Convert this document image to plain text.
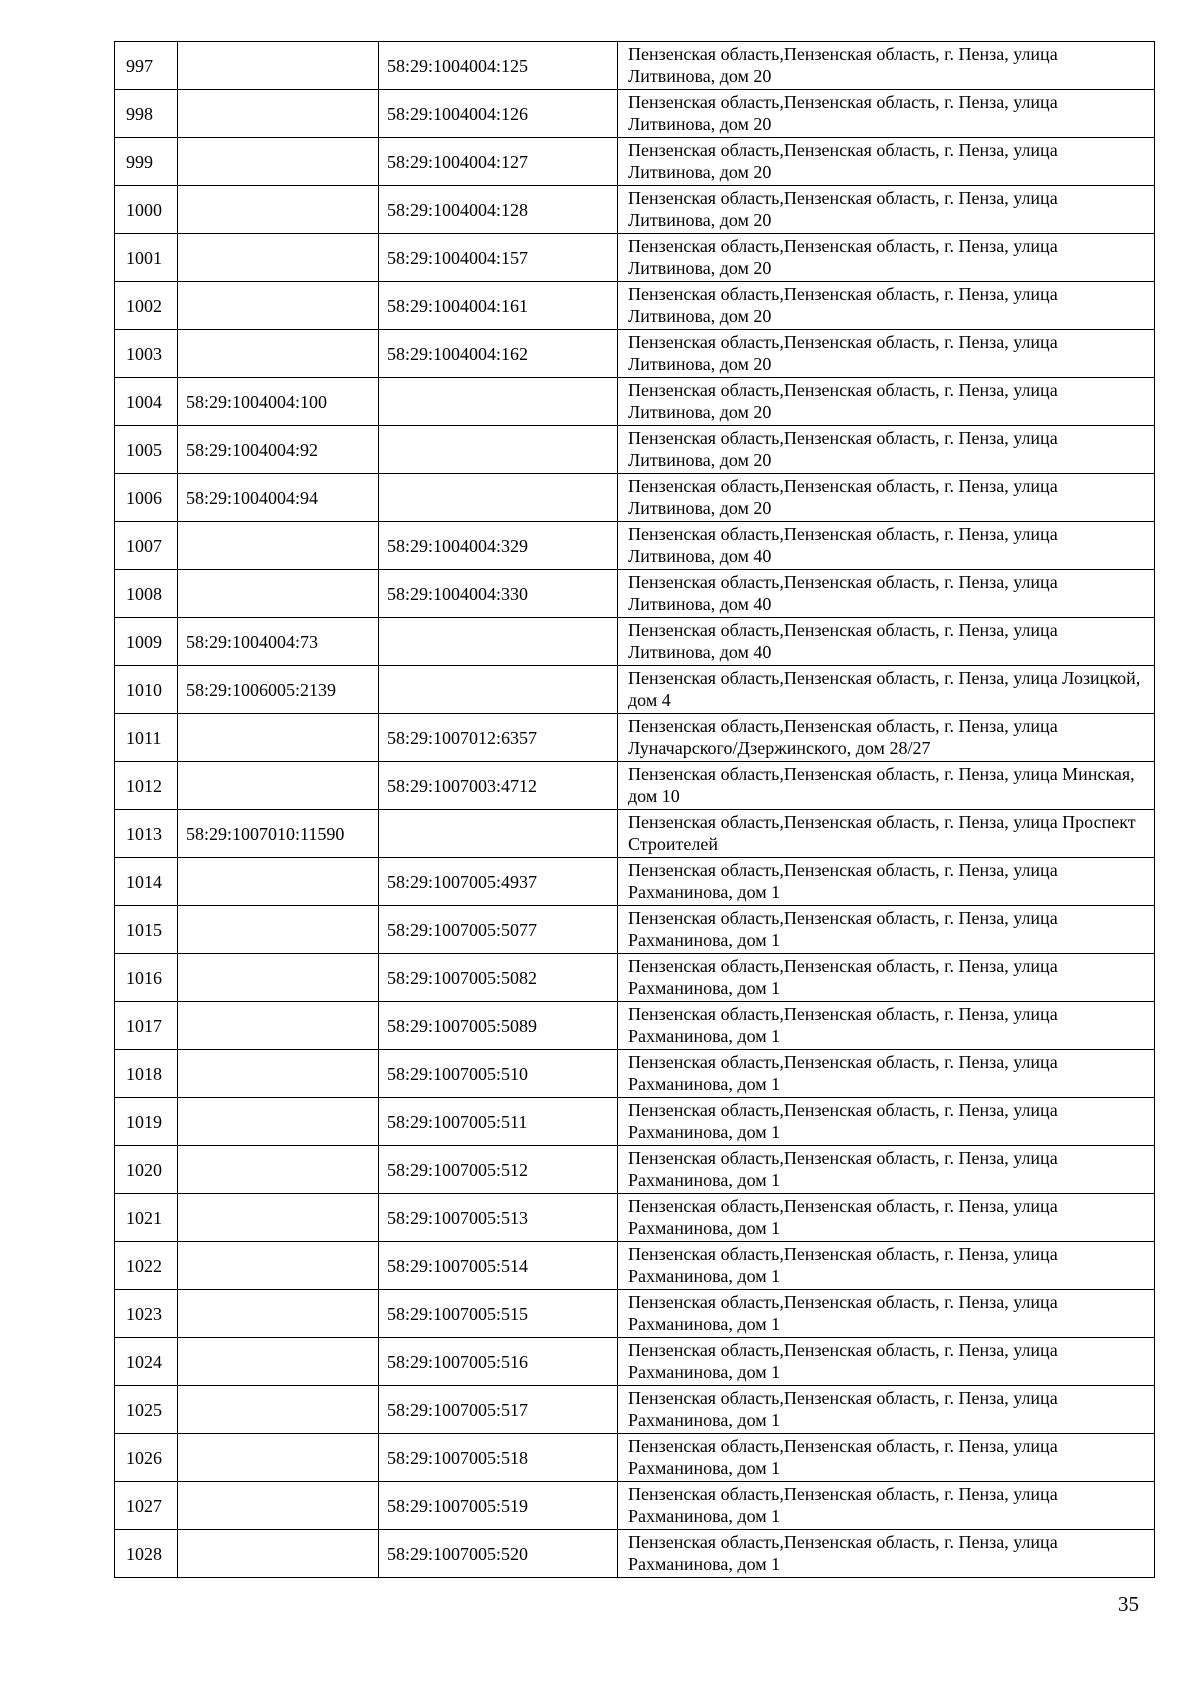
997		58:29:1004004:125	Пензенская область,Пензенская область, г. Пенза, улица Литвинова, дом 20
998		58:29:1004004:126	Пензенская область,Пензенская область, г. Пенза, улица Литвинова, дом 20
999		58:29:1004004:127	Пензенская область,Пензенская область, г. Пенза, улица Литвинова, дом 20
1000		58:29:1004004:128	Пензенская область,Пензенская область, г. Пенза, улица Литвинова, дом 20
1001		58:29:1004004:157	Пензенская область,Пензенская область, г. Пенза, улица Литвинова, дом 20
1002		58:29:1004004:161	Пензенская область,Пензенская область, г. Пенза, улица Литвинова, дом 20
1003		58:29:1004004:162	Пензенская область,Пензенская область, г. Пенза, улица Литвинова, дом 20
1004	58:29:1004004:100		Пензенская область,Пензенская область, г. Пенза, улица Литвинова, дом 20
1005	58:29:1004004:92		Пензенская область,Пензенская область, г. Пенза, улица Литвинова, дом 20
1006	58:29:1004004:94		Пензенская область,Пензенская область, г. Пенза, улица Литвинова, дом 20
1007		58:29:1004004:329	Пензенская область,Пензенская область, г. Пенза, улица Литвинова, дом 40
1008		58:29:1004004:330	Пензенская область,Пензенская область, г. Пенза, улица Литвинова, дом 40
1009	58:29:1004004:73		Пензенская область,Пензенская область, г. Пенза, улица Литвинова, дом 40
1010	58:29:1006005:2139		Пензенская область,Пензенская область, г. Пенза, улица Лозицкой, дом 4
1011		58:29:1007012:6357	Пензенская область,Пензенская область, г. Пенза, улица Луначарского/Дзержинского, дом 28/27
1012		58:29:1007003:4712	Пензенская область,Пензенская область, г. Пенза, улица Минская, дом 10
1013	58:29:1007010:11590		Пензенская область,Пензенская область, г. Пенза, улица Проспект Строителей
1014		58:29:1007005:4937	Пензенская область,Пензенская область, г. Пенза, улица Рахманинова, дом 1
1015		58:29:1007005:5077	Пензенская область,Пензенская область, г. Пенза, улица Рахманинова, дом 1
1016		58:29:1007005:5082	Пензенская область,Пензенская область, г. Пенза, улица Рахманинова, дом 1
1017		58:29:1007005:5089	Пензенская область,Пензенская область, г. Пенза, улица Рахманинова, дом 1
1018		58:29:1007005:510	Пензенская область,Пензенская область, г. Пенза, улица Рахманинова, дом 1
1019		58:29:1007005:511	Пензенская область,Пензенская область, г. Пенза, улица Рахманинова, дом 1
1020		58:29:1007005:512	Пензенская область,Пензенская область, г. Пенза, улица Рахманинова, дом 1
1021		58:29:1007005:513	Пензенская область,Пензенская область, г. Пенза, улица Рахманинова, дом 1
1022		58:29:1007005:514	Пензенская область,Пензенская область, г. Пенза, улица Рахманинова, дом 1
1023		58:29:1007005:515	Пензенская область,Пензенская область, г. Пенза, улица Рахманинова, дом 1
1024		58:29:1007005:516	Пензенская область,Пензенская область, г. Пенза, улица Рахманинова, дом 1
1025		58:29:1007005:517	Пензенская область,Пензенская область, г. Пенза, улица Рахманинова, дом 1
1026		58:29:1007005:518	Пензенская область,Пензенская область, г. Пенза, улица Рахманинова, дом 1
1027		58:29:1007005:519	Пензенская область,Пензенская область, г. Пенза, улица Рахманинова, дом 1
1028		58:29:1007005:520	Пензенская область,Пензенская область, г. Пенза, улица Рахманинова, дом 1
35
